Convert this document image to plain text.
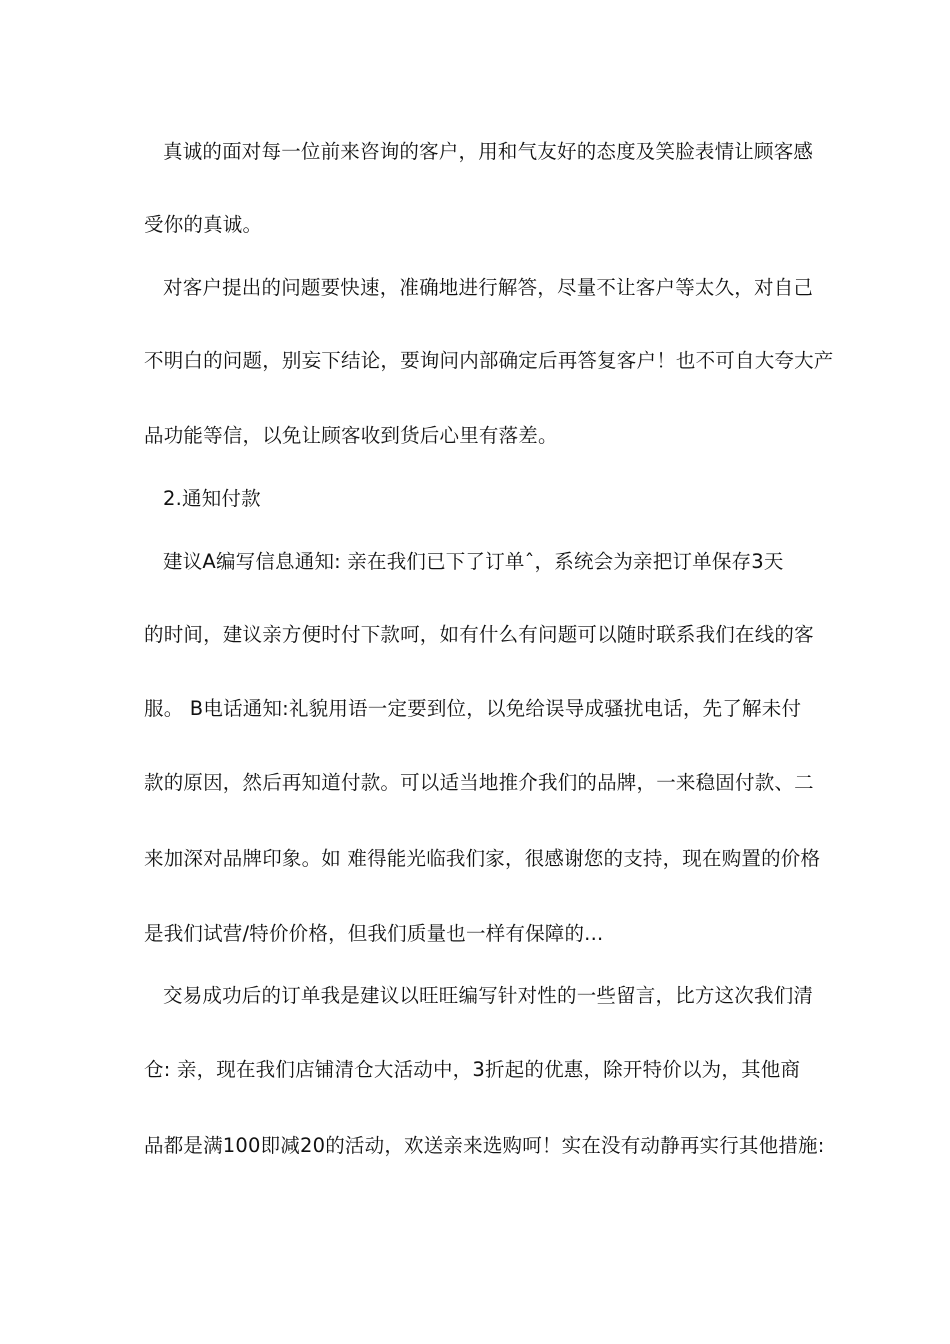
真诚的面对每一位前来咨询的客户，用和气友好的态度及笑脸表情让顾客感

受你的真诚。

对客户提出的问题要快速，准确地进行解答，尽量不让客户等太久，对自己

不明白的问题，别妄下结论，要询问内部确定后再答复客户！也不可自大夸大产

品功能等信，以免让顾客收到货后心里有落差。

2.通知付款

建议A编写信息通知: 亲在我们已下了订单ˆ，系统会为亲把订单保存3天

的时间，建议亲方便时付下款呵，如有什么有问题可以随时联系我们在线的客

服。 B电话通知:礼貌用语一定要到位，以免给误导成骚扰电话，先了解未付

款的原因，然后再知道付款。可以适当地推介我们的品牌，一来稳固付款、二

来加深对品牌印象。如 难得能光临我们家，很感谢您的支持，现在购置的价格

是我们试营/特价价格，但我们质量也一样有保障的...

交易成功后的订单我是建议以旺旺编写针对性的一些留言，比方这次我们清

仓: 亲，现在我们店铺清仓大活动中，3折起的优惠，除开特价以为，其他商

品都是满100即减20的活动，欢送亲来选购呵！实在没有动静再实行其他措施:
